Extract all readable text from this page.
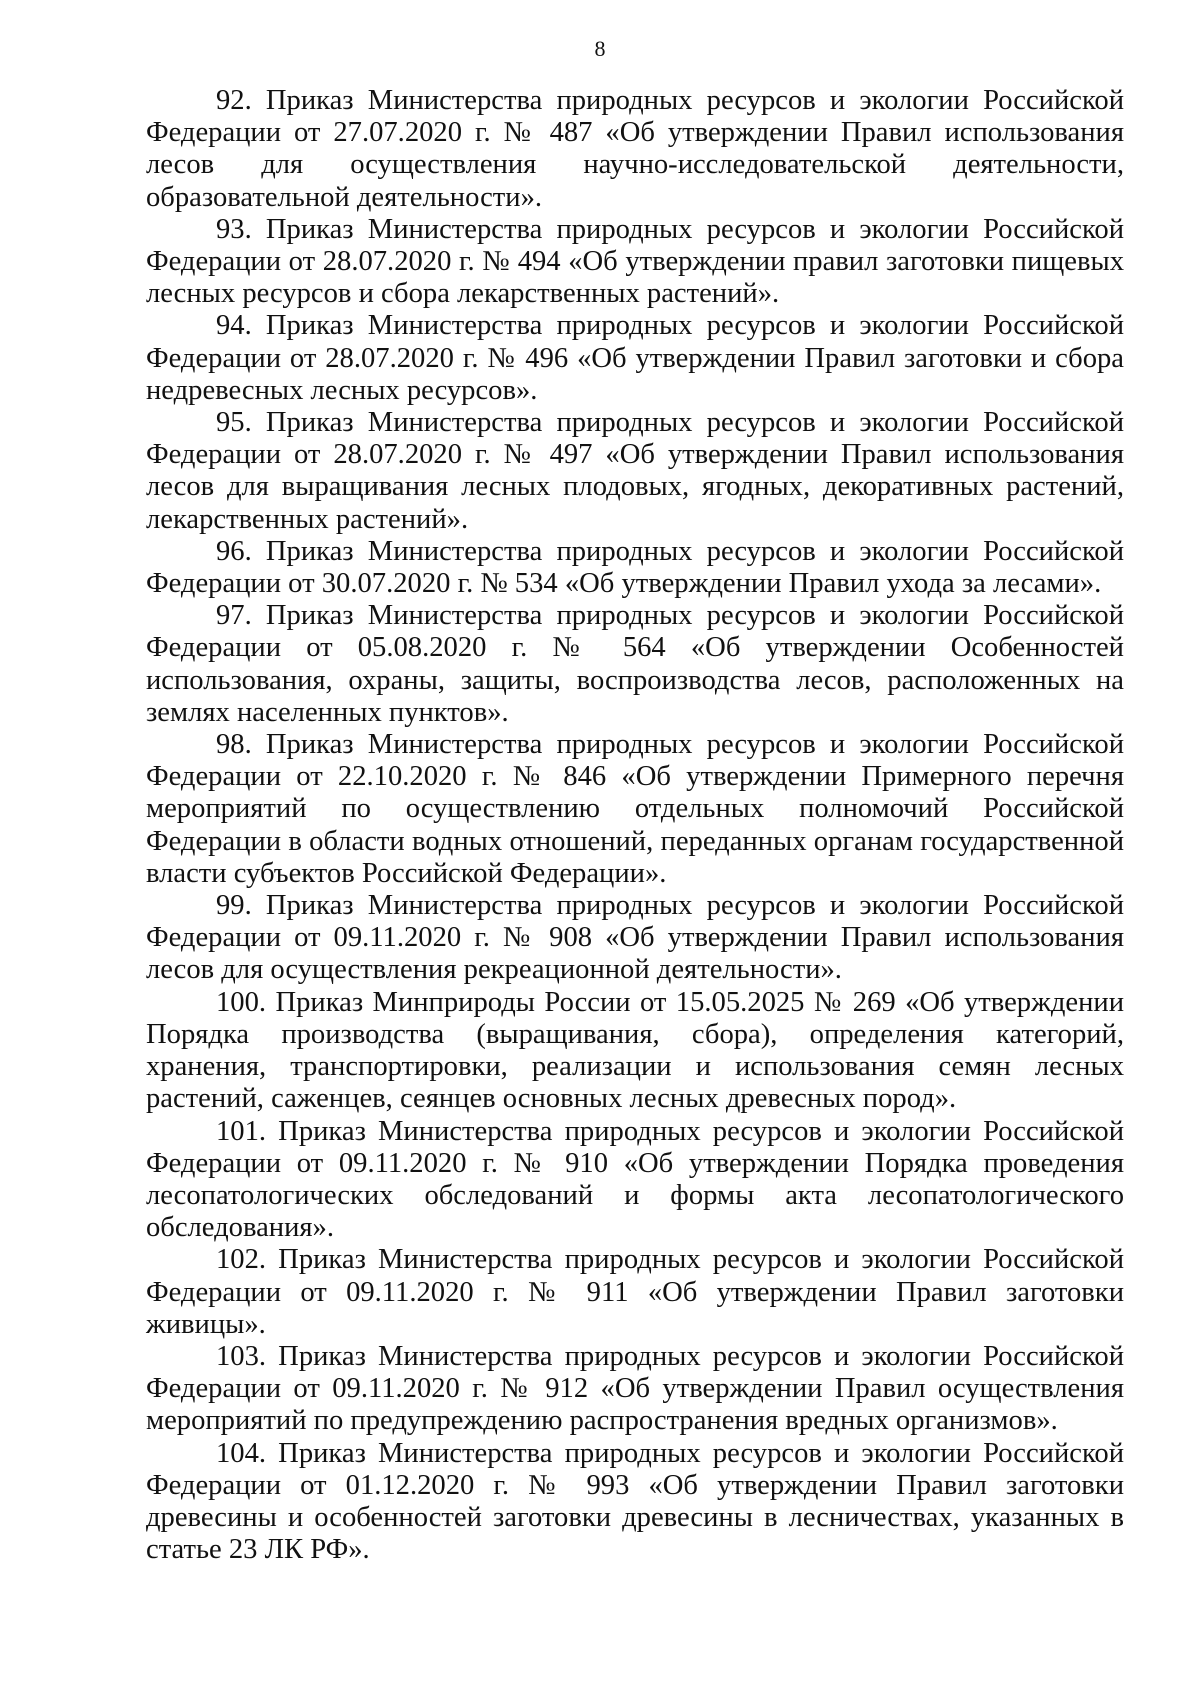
8

92. Приказ Министерства природных ресурсов и экологии Российской Федерации от 27.07.2020 г. № 487 «Об утверждении Правил использования лесов для осуществления научно-исследовательской деятельности, образовательной деятельности».

93. Приказ Министерства природных ресурсов и экологии Российской Федерации от 28.07.2020 г. № 494 «Об утверждении правил заготовки пищевых лесных ресурсов и сбора лекарственных растений».

94. Приказ Министерства природных ресурсов и экологии Российской Федерации от 28.07.2020 г. № 496 «Об утверждении Правил заготовки и сбора недревесных лесных ресурсов».

95. Приказ Министерства природных ресурсов и экологии Российской Федерации от 28.07.2020 г. № 497 «Об утверждении Правил использования лесов для выращивания лесных плодовых, ягодных, декоративных растений, лекарственных растений».

96. Приказ Министерства природных ресурсов и экологии Российской Федерации от 30.07.2020 г. № 534 «Об утверждении Правил ухода за лесами».

97. Приказ Министерства природных ресурсов и экологии Российской Федерации от 05.08.2020 г. № 564 «Об утверждении Особенностей использования, охраны, защиты, воспроизводства лесов, расположенных на землях населенных пунктов».

98. Приказ Министерства природных ресурсов и экологии Российской Федерации от 22.10.2020 г. № 846 «Об утверждении Примерного перечня мероприятий по осуществлению отдельных полномочий Российской Федерации в области водных отношений, переданных органам государственной власти субъектов Российской Федерации».

99. Приказ Министерства природных ресурсов и экологии Российской Федерации от 09.11.2020 г. № 908 «Об утверждении Правил использования лесов для осуществления рекреационной деятельности».

100. Приказ Минприроды России от 15.05.2025 № 269 «Об утверждении Порядка производства (выращивания, сбора), определения категорий, хранения, транспортировки, реализации и использования семян лесных растений, саженцев, сеянцев основных лесных древесных пород».

101. Приказ Министерства природных ресурсов и экологии Российской Федерации от 09.11.2020 г. № 910 «Об утверждении Порядка проведения лесопатологических обследований и формы акта лесопатологического обследования».

102. Приказ Министерства природных ресурсов и экологии Российской Федерации от 09.11.2020 г. № 911 «Об утверждении Правил заготовки живицы».

103. Приказ Министерства природных ресурсов и экологии Российской Федерации от 09.11.2020 г. № 912 «Об утверждении Правил осуществления мероприятий по предупреждению распространения вредных организмов».

104. Приказ Министерства природных ресурсов и экологии Российской Федерации от 01.12.2020 г. № 993 «Об утверждении Правил заготовки древесины и особенностей заготовки древесины в лесничествах, указанных в статье 23 ЛК РФ».
